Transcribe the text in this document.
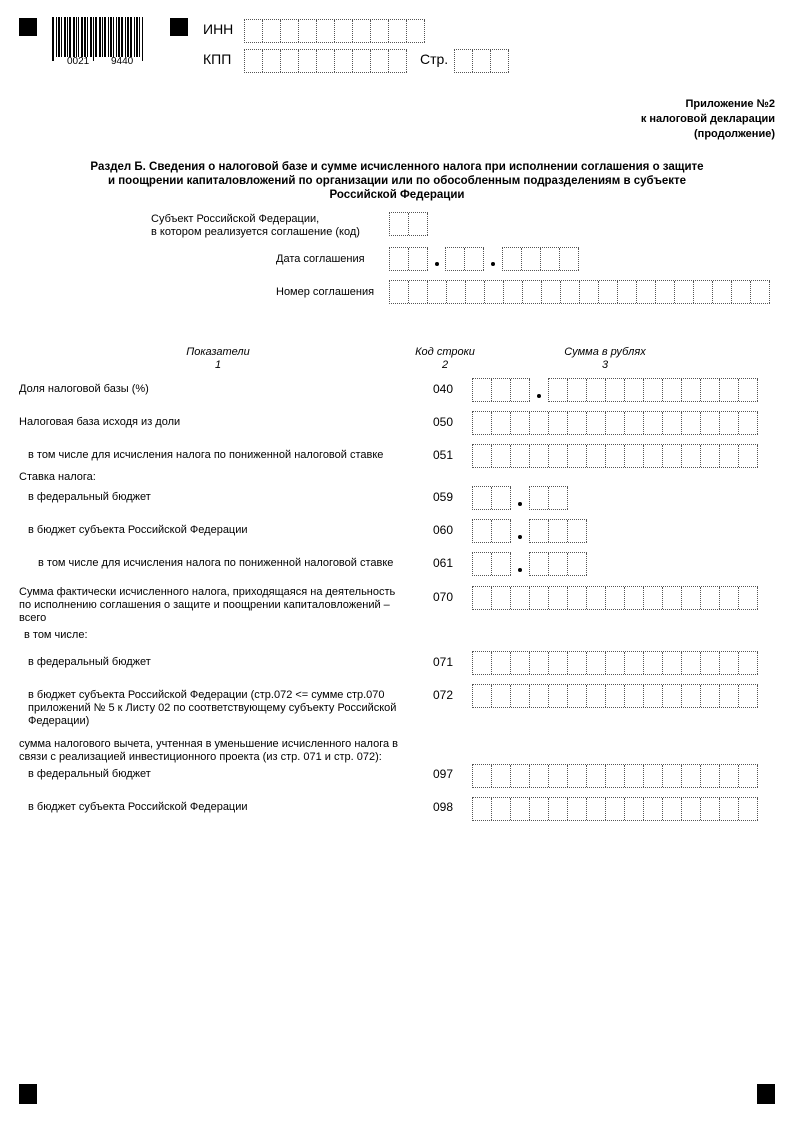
0021 9440
ИНН
КПП	Стр.
Приложение №2
к налоговой декларации
(продолжение)
Раздел Б. Сведения о налоговой базе и сумме исчисленного налога при исполнении соглашения о защите
и поощрении капиталовложений по организации или по обособленным подразделениям в субъекте
Российской Федерации
Субъект Российской Федерации,
в котором реализуется соглашение (код)
Дата соглашения
Номер соглашения
Показатели
1
Код строки
2
Сумма в рублях
3
Доля налоговой базы (%)	040
Налоговая база исходя из доли	050
в том числе для исчисления налога по пониженной налоговой ставке	051
Ставка налога:
в федеральный бюджет	059
в бюджет субъекта Российской Федерации	060
в том числе для исчисления налога по пониженной налоговой ставке	061
Сумма фактически исчисленного налога, приходящаяся на деятельность
по исполнению соглашения о защите и поощрении капиталовложений –
всего
070
в том числе:
в федеральный бюджет	071
в бюджет субъекта Российской Федерации (стр.072 <= сумме стр.070
приложений № 5 к Листу 02 по соответствующему субъекту Российской
Федерации)
072
сумма налогового вычета, учтенная в уменьшение исчисленного налога в
связи с реализацией инвестиционного проекта (из стр. 071 и стр. 072):
в федеральный бюджет	097
в бюджет субъекта Российской Федерации	098
